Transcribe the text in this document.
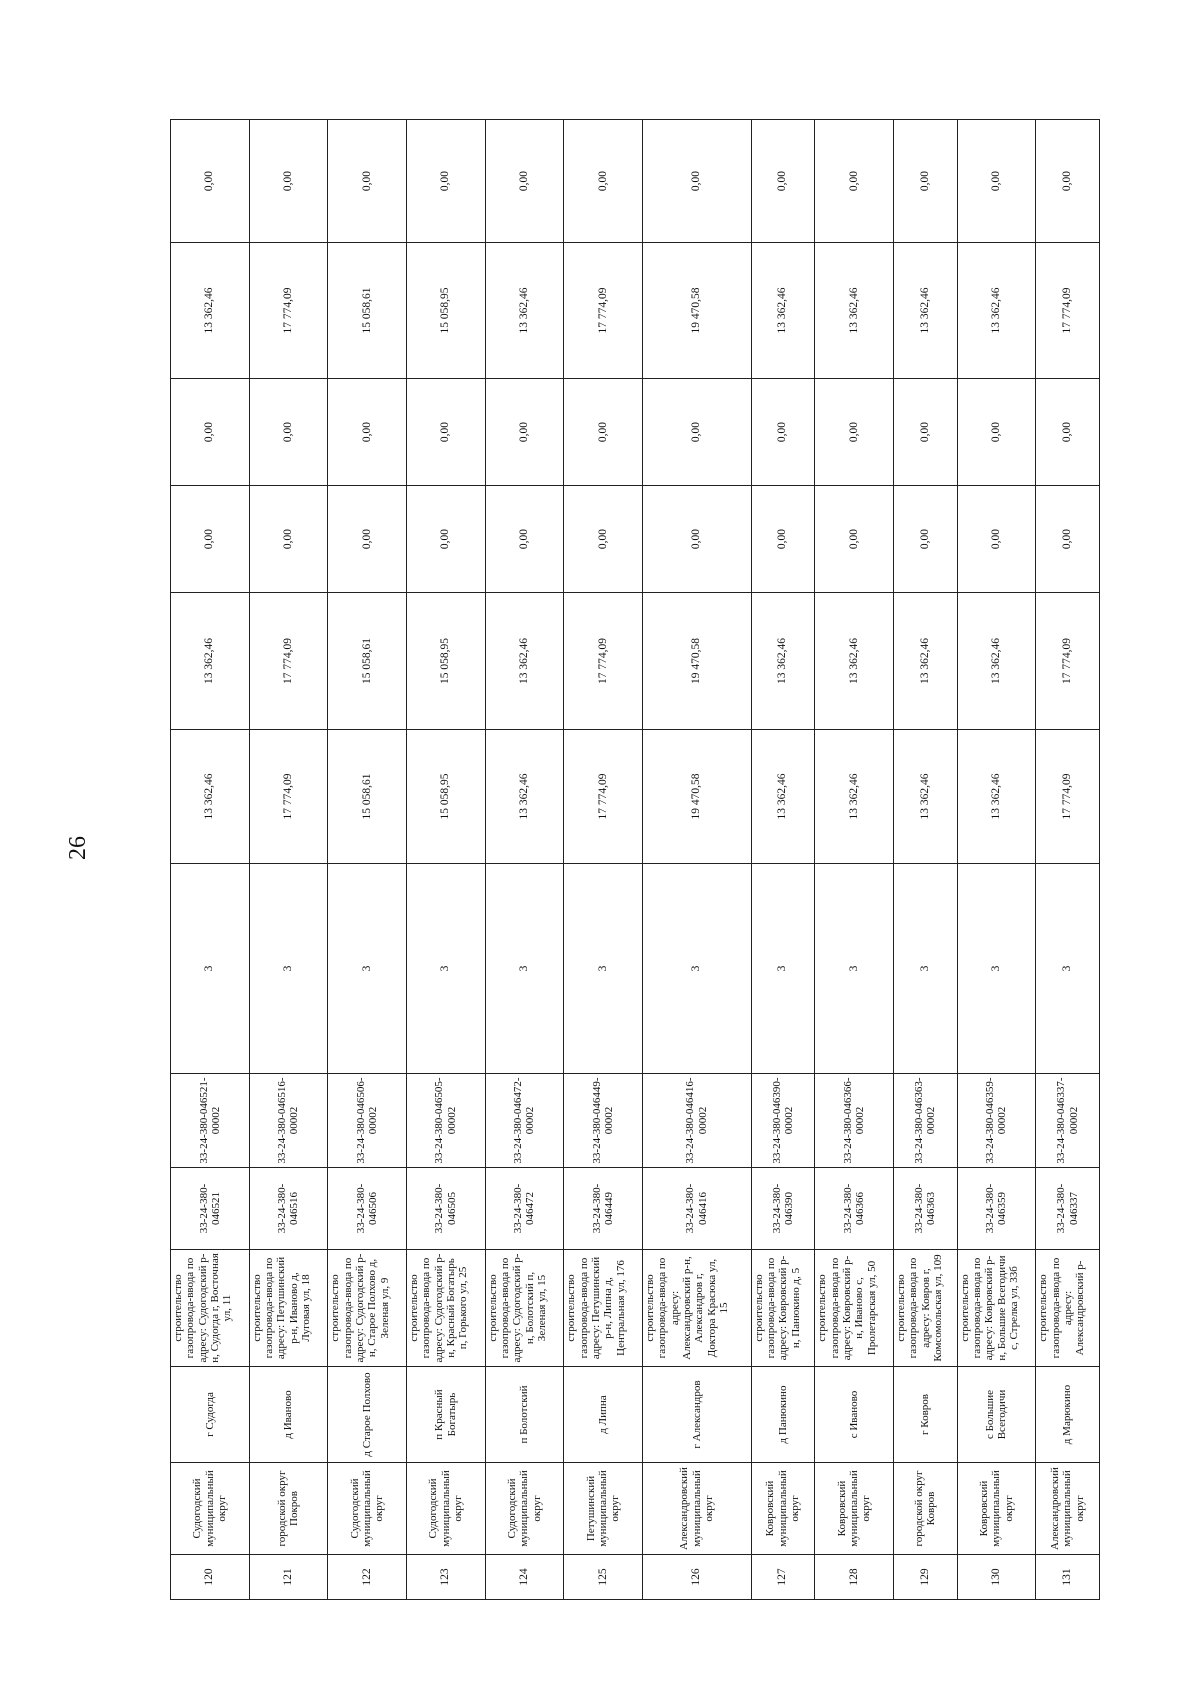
26
120	Судогодский муниципальный округ	г Судогда	строительство газопровода-ввода по адресу: Судогодский р-н, Судогда г, Восточная ул, 11	33-24-380-046521	33-24-380-046521-00002	3	13 362,46	13 362,46	0,00	0,00	13 362,46	0,00
121	городской округ Покров	д Иваново	строительство газопровода-ввода по адресу: Петушинский р-н, Иваново д, Луговая ул, 18	33-24-380-046516	33-24-380-046516-00002	3	17 774,09	17 774,09	0,00	0,00	17 774,09	0,00
122	Судогодский муниципальный округ	д Старое Полхово	строительство газопровода-ввода по адресу: Судогодский р-н, Старое Полхово д, Зеленая ул, 9	33-24-380-046506	33-24-380-046506-00002	3	15 058,61	15 058,61	0,00	0,00	15 058,61	0,00
123	Судогодский муниципальный округ	п Красный Богатырь	строительство газопровода-ввода по адресу: Судогодский р-н, Красный Богатырь п, Горького ул, 25	33-24-380-046505	33-24-380-046505-00002	3	15 058,95	15 058,95	0,00	0,00	15 058,95	0,00
124	Судогодский муниципальный округ	п Болотский	строительство газопровода-ввода по адресу: Судогодский р-н, Болотский п, Зеленая ул, 15	33-24-380-046472	33-24-380-046472-00002	3	13 362,46	13 362,46	0,00	0,00	13 362,46	0,00
125	Петушинский муниципальный округ	д Липна	строительство газопровода-ввода по адресу: Петушинский р-н, Липна д, Центральная ул, 176	33-24-380-046449	33-24-380-046449-00002	3	17 774,09	17 774,09	0,00	0,00	17 774,09	0,00
126	Александровский муниципальный округ	г Александров	строительство газопровода-ввода по адресу: Александровский р-н, Александров г, Доктора Красюка ул, 15	33-24-380-046416	33-24-380-046416-00002	3	19 470,58	19 470,58	0,00	0,00	19 470,58	0,00
127	Ковровский муниципальный округ	д Панюкино	строительство газопровода-ввода по адресу: Ковровский р-н, Панюкино д, 5	33-24-380-046390	33-24-380-046390-00002	3	13 362,46	13 362,46	0,00	0,00	13 362,46	0,00
128	Ковровский муниципальный округ	с Иваново	строительство газопровода-ввода по адресу: Ковровский р-н, Иваново с, Пролетарская ул, 50	33-24-380-046366	33-24-380-046366-00002	3	13 362,46	13 362,46	0,00	0,00	13 362,46	0,00
129	городской округ Ковров	г Ковров	строительство газопровода-ввода по адресу: Ковров г, Комсомольская ул, 109	33-24-380-046363	33-24-380-046363-00002	3	13 362,46	13 362,46	0,00	0,00	13 362,46	0,00
130	Ковровский муниципальный округ	с Большие Всегодичи	строительство газопровода-ввода по адресу: Ковровский р-н, Большие Всегодичи с, Стрелка ул, 33б	33-24-380-046359	33-24-380-046359-00002	3	13 362,46	13 362,46	0,00	0,00	13 362,46	0,00
131	Александровский муниципальный округ	д Марюкино	строительство газопровода-ввода по адресу: Александровский р-	33-24-380-046337	33-24-380-046337-00002	3	17 774,09	17 774,09	0,00	0,00	17 774,09	0,00
